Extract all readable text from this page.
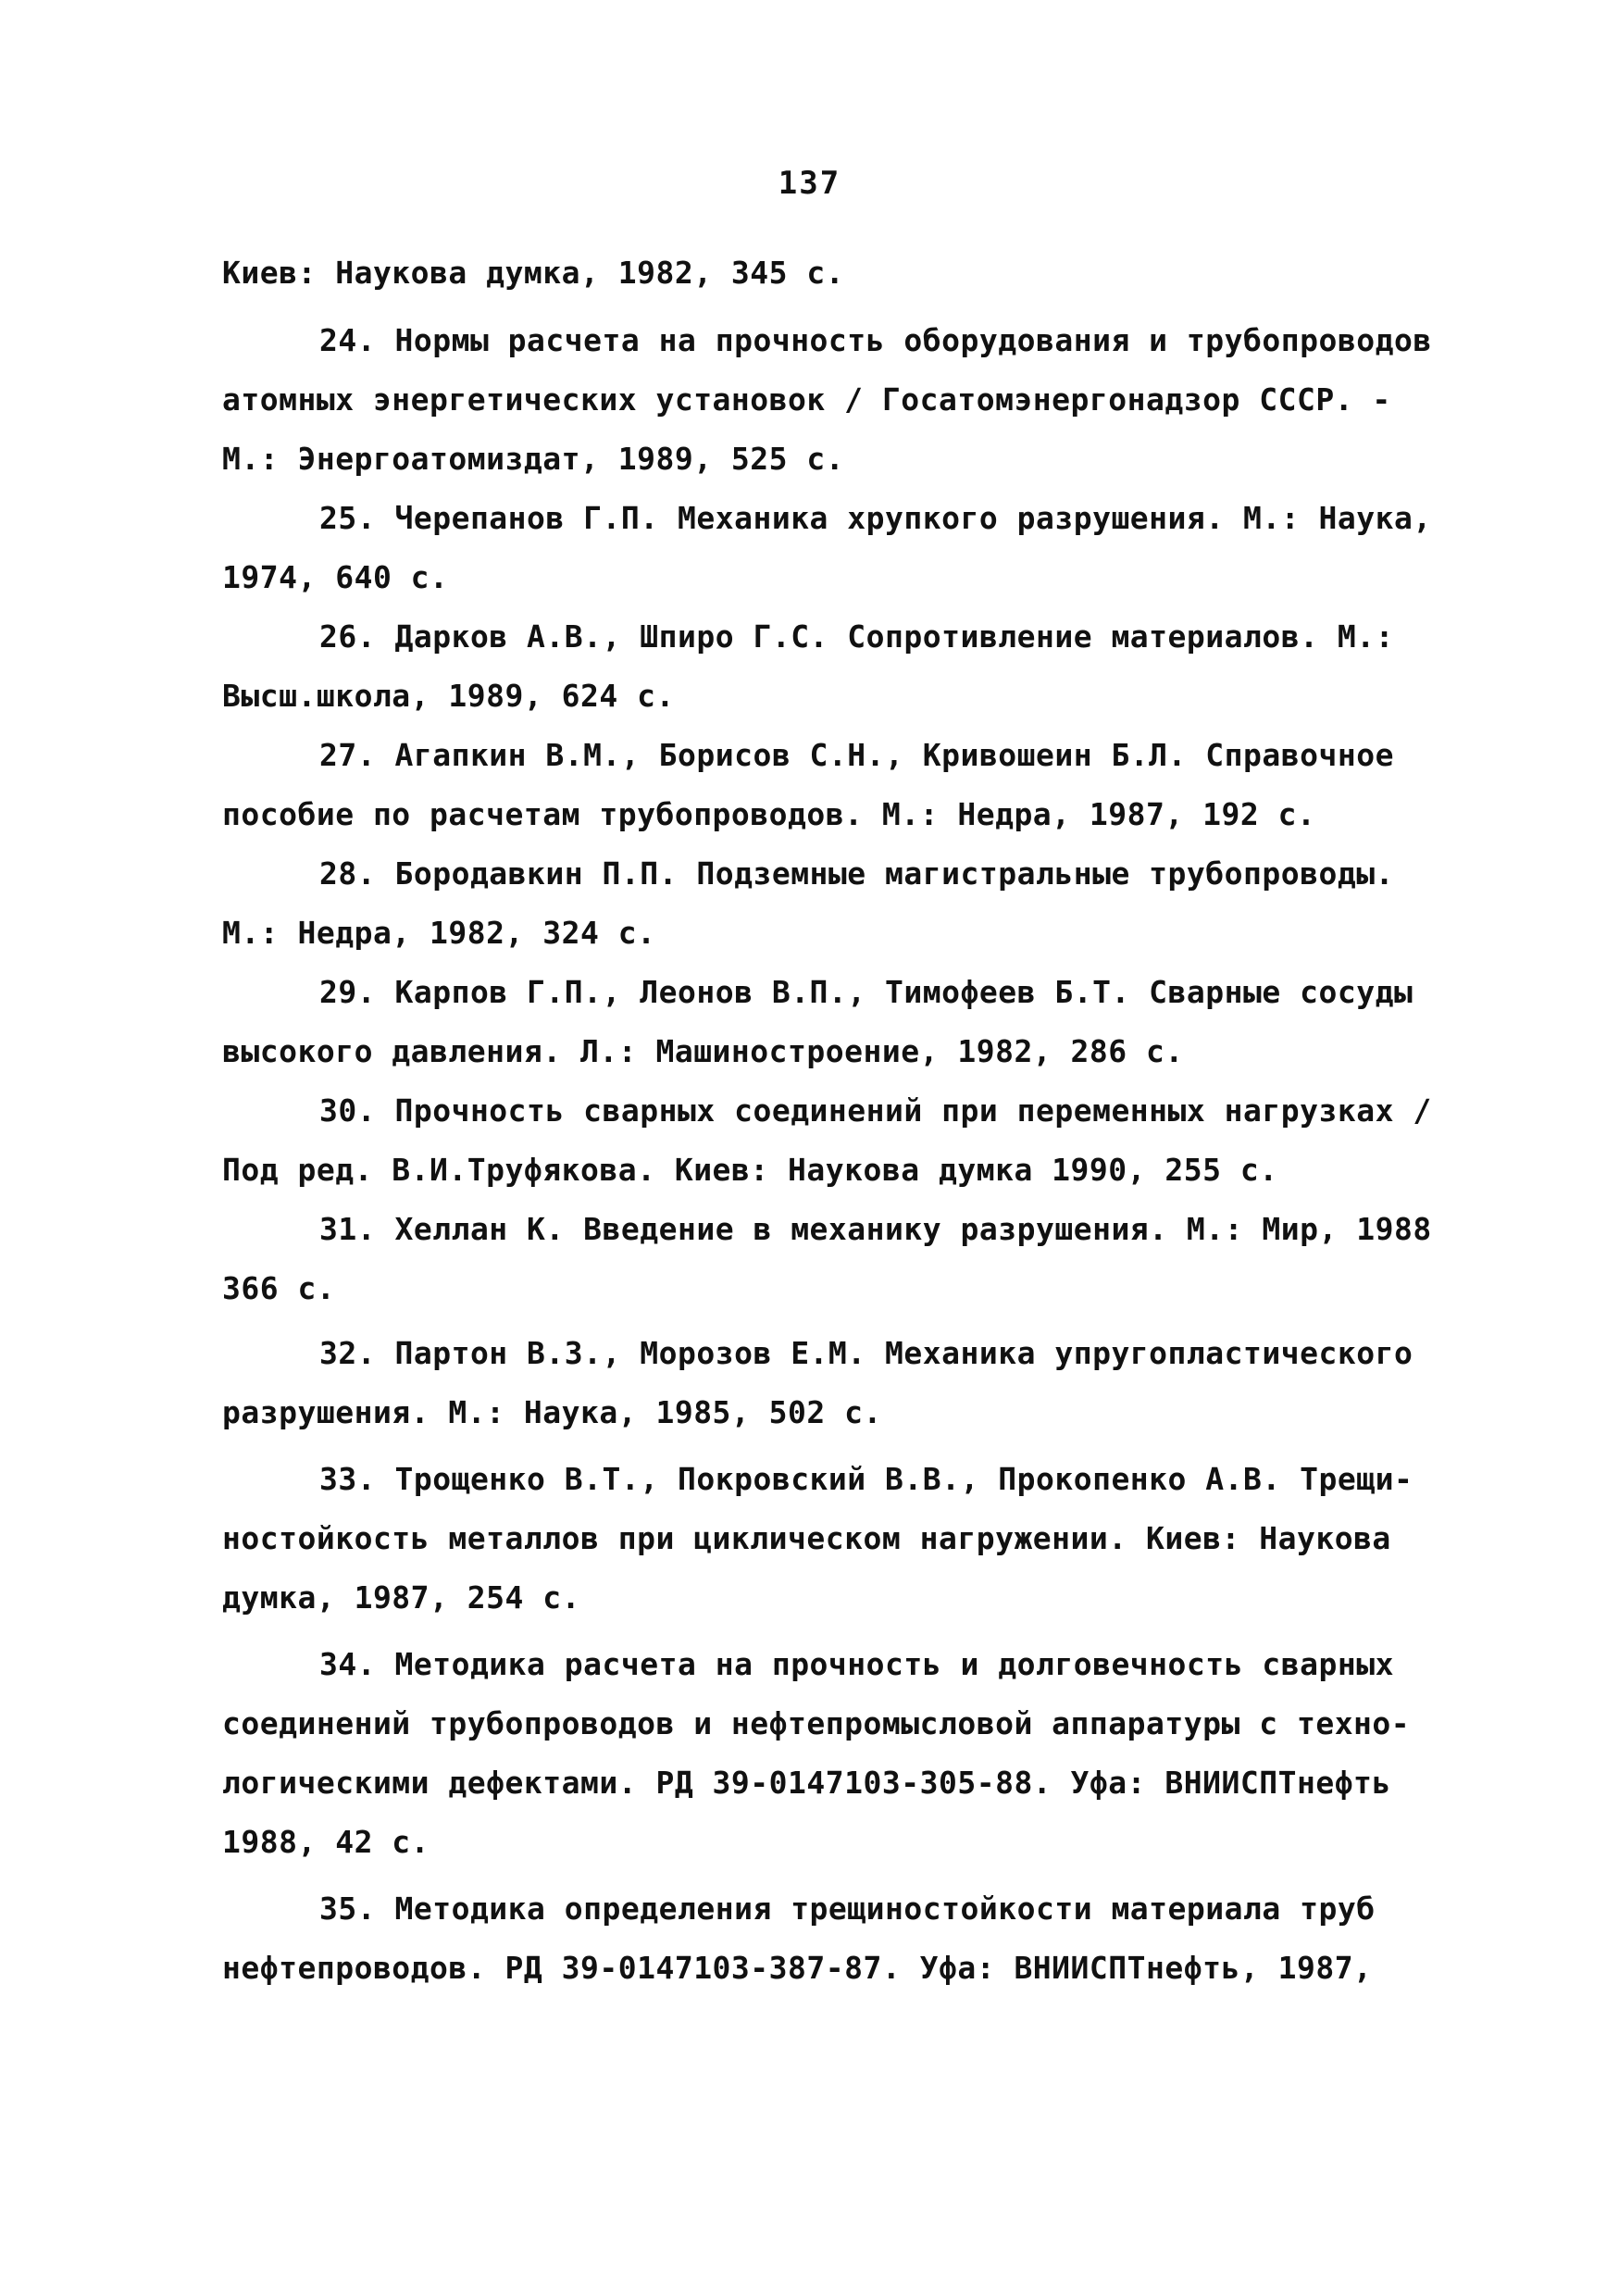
137
Киев: Наукова думка, 1982, 345 с.
24. Нормы расчета на прочность оборудования и трубопроводов
атомных энергетических установок / Госатомэнергонадзор СССР. -
М.: Энергоатомиздат, 1989, 525 с.
25. Черепанов Г.П. Механика хрупкого разрушения. М.: Наука,
1974, 640 с.
26. Дарков А.В., Шпиро Г.С. Сопротивление материалов. М.:
Высш.школа, 1989, 624 с.
27. Агапкин В.М., Борисов С.Н., Кривошеин Б.Л. Справочное
пособие по расчетам трубопроводов. М.: Недра, 1987, 192 с.
28. Бородавкин П.П. Подземные магистральные трубопроводы.
М.: Недра, 1982, 324 с.
29. Карпов Г.П., Леонов В.П., Тимофеев Б.Т. Сварные сосуды
высокого давления. Л.: Машиностроение, 1982, 286 с.
30. Прочность сварных соединений при переменных нагрузках /
Под ред. В.И.Труфякова. Киев: Наукова думка 1990, 255 с.
31. Хеллан К. Введение в механику разрушения. М.: Мир, 1988
366 с.
32. Партон В.З., Морозов Е.М. Механика упругопластического
разрушения. М.: Наука, 1985, 502 с.
33. Трощенко В.Т., Покровский В.В., Прокопенко А.В. Трещи-
ностойкость металлов при циклическом нагружении. Киев: Наукова
думка, 1987, 254 с.
34. Методика расчета на прочность и долговечность сварных
соединений трубопроводов и нефтепромысловой аппаратуры с техно-
логическими дефектами. РД 39-0147103-305-88. Уфа: ВНИИСПТнефть
1988, 42 с.
35. Методика определения трещиностойкости материала труб
нефтепроводов. РД 39-0147103-387-87. Уфа: ВНИИСПТнефть, 1987,
